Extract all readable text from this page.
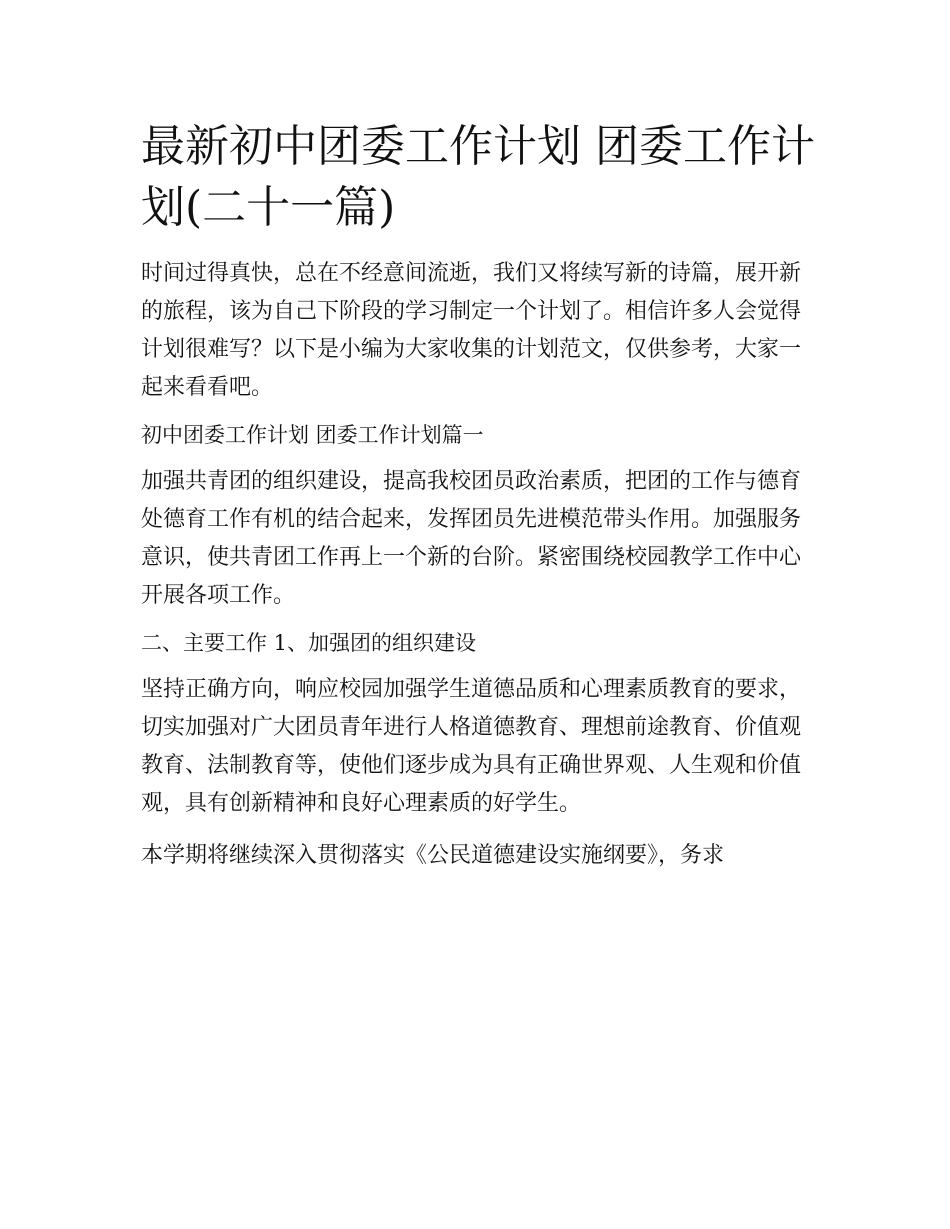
最新初中团委工作计划 团委工作计划(二十一篇)

时间过得真快，总在不经意间流逝，我们又将续写新的诗篇，展开新的旅程，该为自己下阶段的学习制定一个计划了。相信许多人会觉得计划很难写？以下是小编为大家收集的计划范文，仅供参考，大家一起来看看吧。

初中团委工作计划 团委工作计划篇一

加强共青团的组织建设，提高我校团员政治素质，把团的工作与德育处德育工作有机的结合起来，发挥团员先进模范带头作用。加强服务意识，使共青团工作再上一个新的台阶。紧密围绕校园教学工作中心开展各项工作。

二、主要工作 1、加强团的组织建设

坚持正确方向，响应校园加强学生道德品质和心理素质教育的要求，切实加强对广大团员青年进行人格道德教育、理想前途教育、价值观教育、法制教育等，使他们逐步成为具有正确世界观、人生观和价值观，具有创新精神和良好心理素质的好学生。

本学期将继续深入贯彻落实《公民道德建设实施纲要》，务求
